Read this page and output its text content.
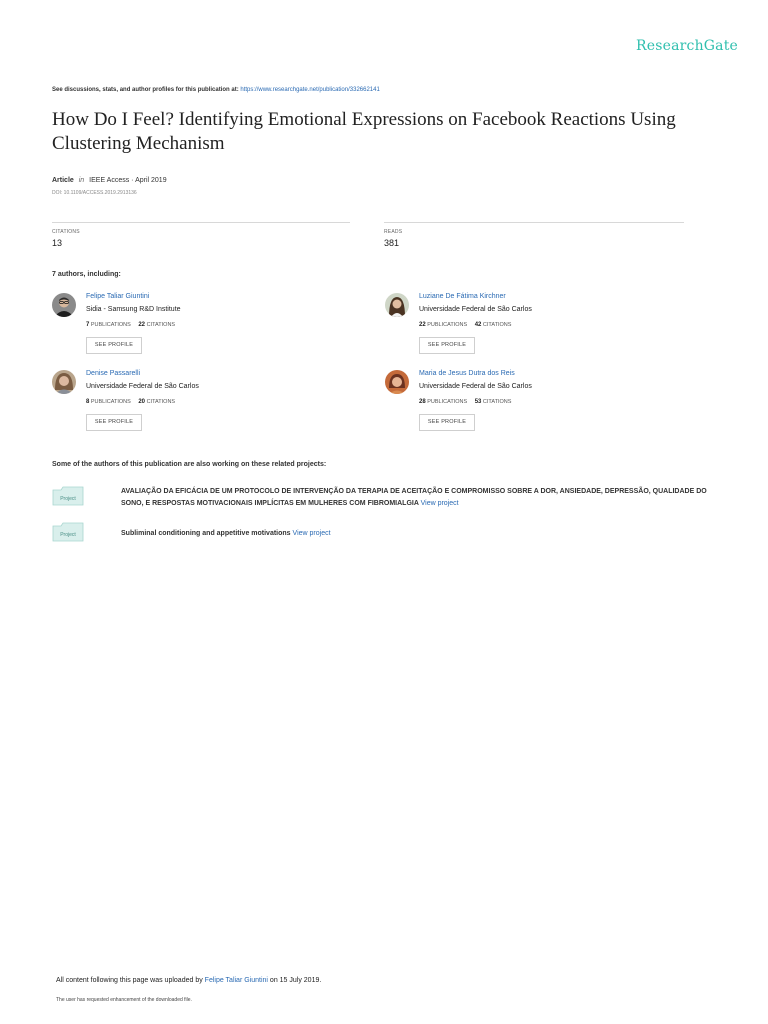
ResearchGate
See discussions, stats, and author profiles for this publication at: https://www.researchgate.net/publication/332662141
How Do I Feel? Identifying Emotional Expressions on Facebook Reactions Using Clustering Mechanism
Article in IEEE Access · April 2019
DOI: 10.1109/ACCESS.2019.2913136
CITATIONS
13
READS
381
7 authors, including:
Felipe Taliar Giuntini
Sidia - Samsung R&D Institute
7 PUBLICATIONS 22 CITATIONS
SEE PROFILE
Luziane De Fátima Kirchner
Universidade Federal de São Carlos
22 PUBLICATIONS 42 CITATIONS
SEE PROFILE
Denise Passarelli
Universidade Federal de São Carlos
8 PUBLICATIONS 20 CITATIONS
SEE PROFILE
Maria de Jesus Dutra dos Reis
Universidade Federal de São Carlos
28 PUBLICATIONS 53 CITATIONS
SEE PROFILE
Some of the authors of this publication are also working on these related projects:
Project
AVALIAÇÃO DA EFICÁCIA DE UM PROTOCOLO DE INTERVENÇÃO DA TERAPIA DE ACEITAÇÃO E COMPROMISSO SOBRE A DOR, ANSIEDADE, DEPRESSÃO, QUALIDADE DO SONO, E RESPOSTAS MOTIVACIONAIS IMPLÍCITAS EM MULHERES COM FIBROMIALGIA View project
Project	Subliminal conditioning and appetitive motivations View project
All content following this page was uploaded by Felipe Taliar Giuntini on 15 July 2019.
The user has requested enhancement of the downloaded file.
